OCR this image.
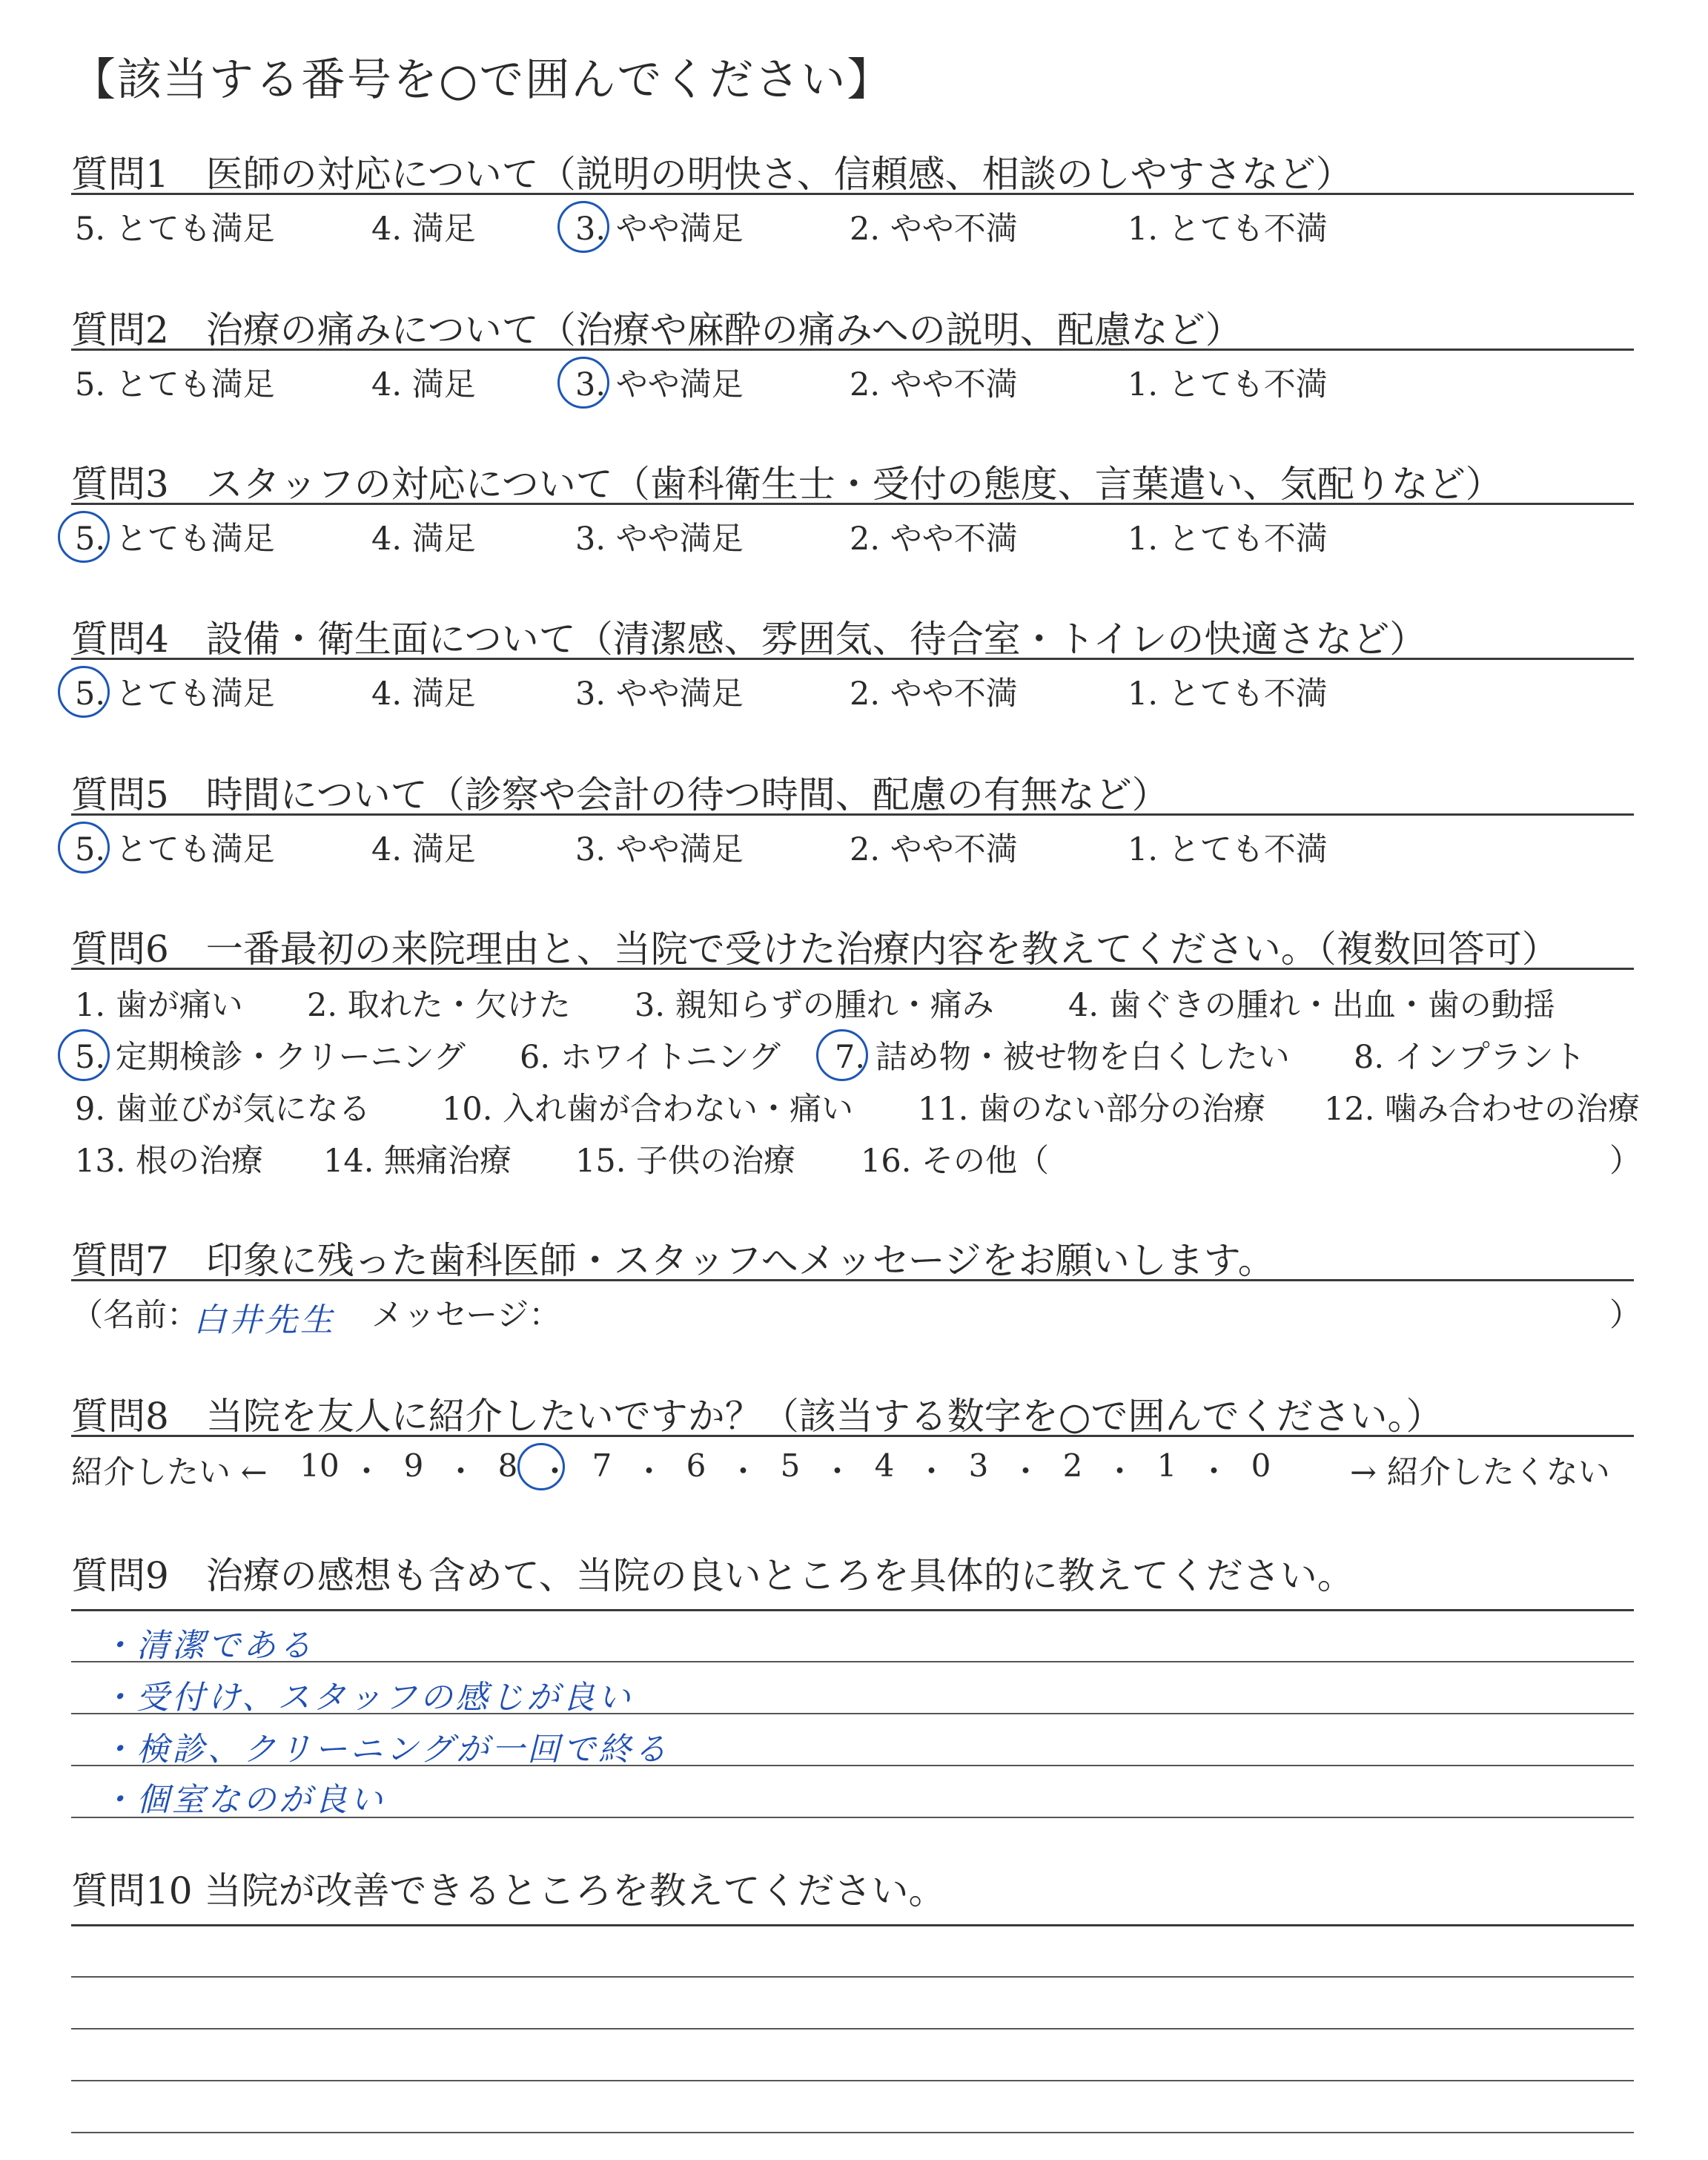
【該当する番号を○で囲んでください】
質問1　医師の対応について（説明の明快さ、信頼感、相談のしやすさなど）
5. とても満足	4. 満足	3. やや満足	2. やや不満	1. とても不満
質問2　治療の痛みについて（治療や麻酔の痛みへの説明、配慮など）
5. とても満足	4. 満足	3. やや満足	2. やや不満	1. とても不満
質問3　スタッフの対応について（歯科衛生士・受付の態度、言葉遣い、気配りなど）
5. とても満足	4. 満足	3. やや満足	2. やや不満	1. とても不満
質問4　設備・衛生面について（清潔感、雰囲気、待合室・トイレの快適さなど）
5. とても満足	4. 満足	3. やや満足	2. やや不満	1. とても不満
質問5　時間について（診察や会計の待つ時間、配慮の有無など）
5. とても満足	4. 満足	3. やや満足	2. やや不満	1. とても不満
質問6　一番最初の来院理由と、当院で受けた治療内容を教えてください。（複数回答可）
1. 歯が痛い 2. 取れた・欠けた 3. 親知らずの腫れ・痛み 4. 歯ぐきの腫れ・出血・歯の動揺
5. 定期検診・クリーニング 6. ホワイトニング 7. 詰め物・被せ物を白くしたい 8. インプラント
9. 歯並びが気になる 10. 入れ歯が合わない・痛い 11. 歯のない部分の治療 12. 噛み合わせの治療
13. 根の治療 14. 無痛治療 15. 子供の治療 16. その他（	）
質問7　印象に残った歯科医師・スタッフへメッセージをお願いします。
（名前：
白井先生 メッセージ：	）
質問8　当院を友人に紹介したいですか？（該当する数字を○で囲んでください。）
紹介したい ←	→ 紹介したくない
10 ・ 9 ・ 8 ・ 7 ・ 6 ・ 5 ・ 4 ・ 3 ・ 2 ・ 1 ・ 0
質問9　治療の感想も含めて、当院の良いところを具体的に教えてください。
・清潔である
・受付け、スタッフの感じが良い
・検診、クリーニングが一回で終る
・個室なのが良い
質問10 当院が改善できるところを教えてください。
